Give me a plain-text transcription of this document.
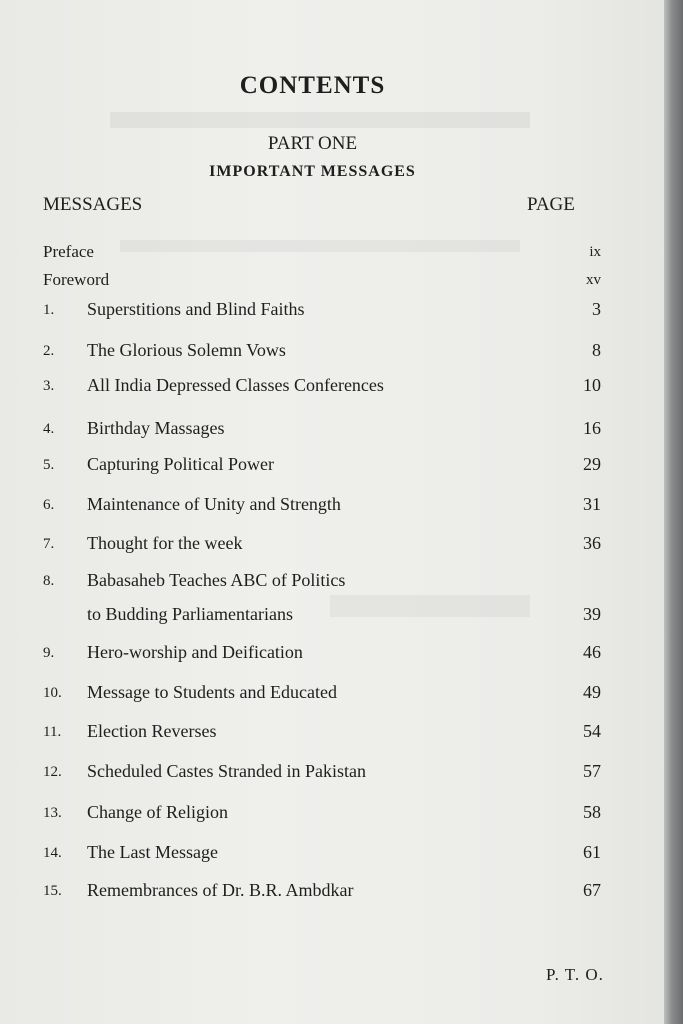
CONTENTS
PART ONE
IMPORTANT MESSAGES
MESSAGES	PAGE
Preface	ix
Foreword	xv
1. Superstitions and Blind Faiths	3
2. The Glorious Solemn Vows	8
3. All India Depressed Classes Conferences	10
4. Birthday Massages	16
5. Capturing Political Power	29
6. Maintenance of Unity and Strength	31
7. Thought for the week	36
8. Babasaheb Teaches ABC of Politics
to Budding Parliamentarians	39
9. Hero-worship and Deification	46
10. Message to Students and Educated	49
11. Election Reverses	54
12. Scheduled Castes Stranded in Pakistan	57
13. Change of Religion	58
14. The Last Message	61
15. Remembrances of Dr. B.R. Ambdkar	67
P. T. O.
